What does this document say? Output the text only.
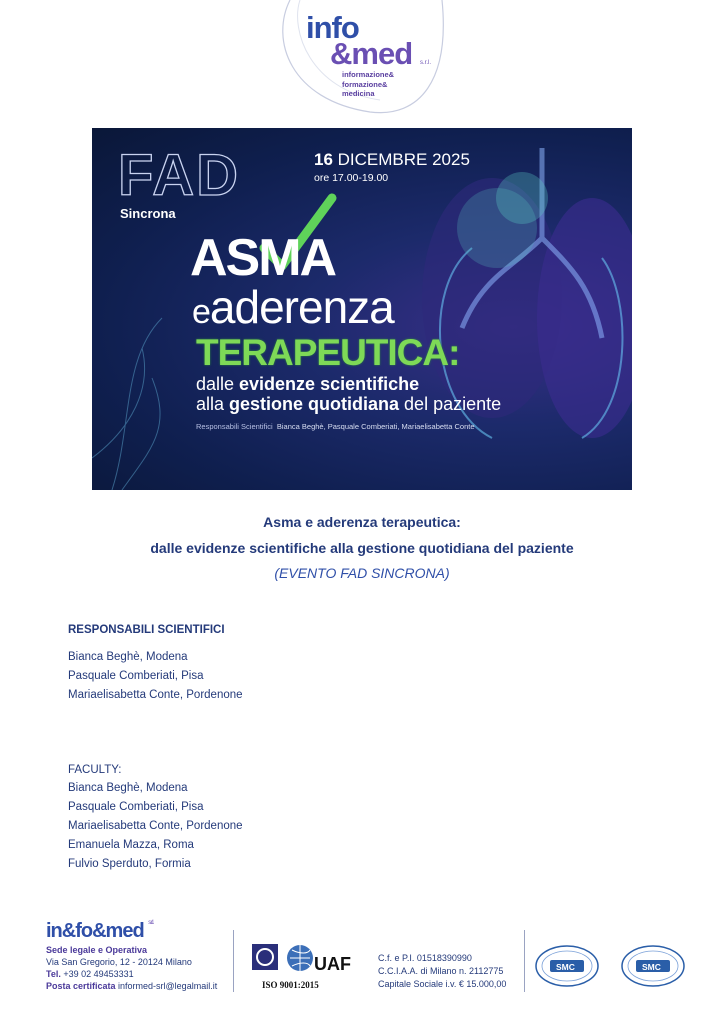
info
&med s.r.l.
informazione&
formazione&
medicina
FAD
Sincrona
16 DICEMBRE 2025
ore 17.00-19.00
ASMA
eaderenza
TERAPEUTICA:
dalle evidenze scientifiche
alla gestione quotidiana del paziente
Responsabili Scientifici Bianca Beghè, Pasquale Comberiati, Mariaelisabetta Conte
Asma e aderenza terapeutica:
dalle evidenze scientifiche alla gestione quotidiana del paziente
(EVENTO FAD SINCRONA)
RESPONSABILI SCIENTIFICI
Bianca Beghè, Modena
Pasquale Comberiati, Pisa
Mariaelisabetta Conte, Pordenone
FACULTY:
Bianca Beghè, Modena
Pasquale Comberiati, Pisa
Mariaelisabetta Conte, Pordenone
Emanuela Mazza, Roma
Fulvio Sperduto, Formia
in&fo&med $^{s.r.l.}$
Sede legale e Operativa
Via San Gregorio, 12 - 20124 Milano
Tel. +39 02 49453331
Posta certificata informed-srl@legalmail.it
UAF
ISO 9001:2015
C.f. e P.I. 01518390990
C.C.I.A.A. di Milano n. 2112775
Capitale Sociale i.v. € 15.000,00
SMC	SMC
